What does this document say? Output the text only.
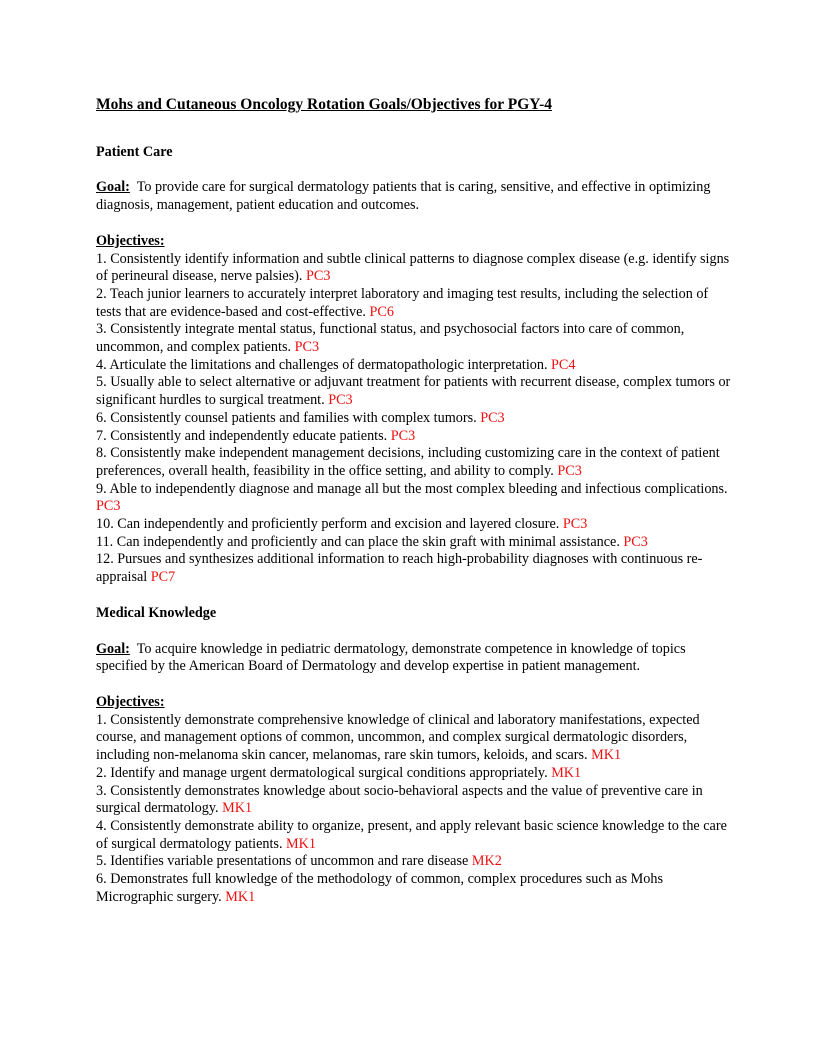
Mohs and Cutaneous Oncology Rotation Goals/Objectives for PGY-4

Patient Care
Goal: To provide care for surgical dermatology patients that is caring, sensitive, and effective in optimizing diagnosis, management, patient education and outcomes.
Objectives:

1. Consistently identify information and subtle clinical patterns to diagnose complex disease (e.g. identify signs of perineural disease, nerve palsies). PC3

2. Teach junior learners to accurately interpret laboratory and imaging test results, including the selection of tests that are evidence-based and cost-effective. PC6

3. Consistently integrate mental status, functional status, and psychosocial factors into care of common, uncommon, and complex patients. PC3

4. Articulate the limitations and challenges of dermatopathologic interpretation. PC4

5. Usually able to select alternative or adjuvant treatment for patients with recurrent disease, complex tumors or significant hurdles to surgical treatment. PC3

6. Consistently counsel patients and families with complex tumors. PC3

7. Consistently and independently educate patients. PC3

8. Consistently make independent management decisions, including customizing care in the context of patient preferences, overall health, feasibility in the office setting, and ability to comply. PC3

9. Able to independently diagnose and manage all but the most complex bleeding and infectious complications. PC3

10. Can independently and proficiently perform and excision and layered closure. PC3

11. Can independently and proficiently and can place the skin graft with minimal assistance. PC3

12. Pursues and synthesizes additional information to reach high-probability diagnoses with continuous re-appraisal PC7

Medical Knowledge
Goal: To acquire knowledge in pediatric dermatology, demonstrate competence in knowledge of topics specified by the American Board of Dermatology and develop expertise in patient management.
Objectives:

1. Consistently demonstrate comprehensive knowledge of clinical and laboratory manifestations, expected course, and management options of common, uncommon, and complex surgical dermatologic disorders, including non-melanoma skin cancer, melanomas, rare skin tumors, keloids, and scars. MK1

2. Identify and manage urgent dermatological surgical conditions appropriately. MK1

3. Consistently demonstrates knowledge about socio-behavioral aspects and the value of preventive care in surgical dermatology. MK1

4. Consistently demonstrate ability to organize, present, and apply relevant basic science knowledge to the care of surgical dermatology patients. MK1

5. Identifies variable presentations of uncommon and rare disease MK2

6. Demonstrates full knowledge of the methodology of common, complex procedures such as Mohs Micrographic surgery. MK1
